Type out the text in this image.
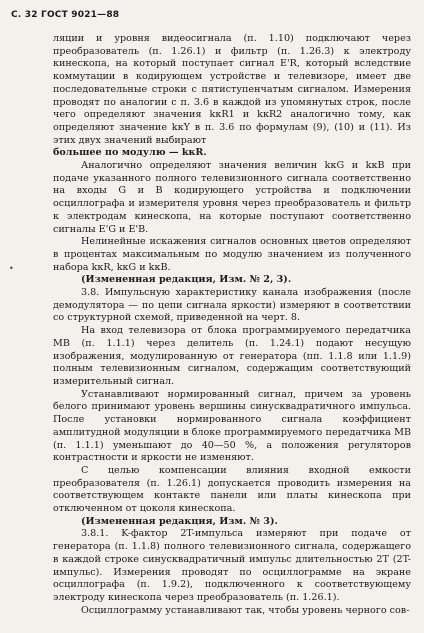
С. 32 ГОСТ 9021—88
•

ляции и уровня видеосигнала (п. 1.10) подключают через преобразователь (п. 1.26.1) и фильтр (п. 1.26.3) к электроду кинескопа, на который поступает сигнал E'R, который вследствие коммутации в кодирующем устройстве и телевизоре, имеет две последовательные строки с пятиступенчатым сигналом. Измерения проводят по аналогии с п. 3.6 в каждой из упомянутых строк, после чего определяют значения kкR1 и kкR2 аналогично тому, как определяют значение kкY в п. 3.6 по формулам (9), (10) и (11). Из этих двух значений выбирают

большее по модулю — kкR.

Аналогично определяют значения величин kкG и kкB при подаче указанного полного телевизионного сигнала соответственно на входы G и B кодирующего устройства и подключении осциллографа и измерителя уровня через преобразователь и фильтр к электродам кинескопа, на которые поступают соответственно сигналы E'G и E'B.

Нелинейные искажения сигналов основных цветов определяют в процентах максимальным по модулю значением из полученного набора kкR, kкG и kкB.

(Измененная редакция, Изм. № 2, 3).

3.8. Импульсную характеристику канала изображения (после демодулятора — по цепи сигнала яркости) измеряют в соответствии со структурной схемой, приведенной на черт. 8.

На вход телевизора от блока программируемого передатчика МВ (п. 1.1.1) через делитель (п. 1.24.1) подают несущую изображения, модулированную от генератора (пп. 1.1.8 или 1.1.9) полным телевизионным сигналом, содержащим соответствующий измерительный сигнал.

Устанавливают нормированный сигнал, причем за уровень белого принимают уровень вершины синусквадратичного импульса. После установки нормированного сигнала коэффициент амплитудной модуляции в блоке программируемого передатчика МВ (п. 1.1.1) уменьшают до 40—50 %, а положения регуляторов контрастности и яркости не изменяют.

С целью компенсации влияния входной емкости преобразователя (п. 1.26.1) допускается проводить измерения на соответствующем контакте панели или платы кинескопа при отключенном от цоколя кинескопа.

(Измененная редакция, Изм. № 3).

3.8.1. K-фактор 2T-импульса измеряют при подаче от генератора (п. 1.1.8) полного телевизионного сигнала, содержащего в каждой строке синусквадратичный импульс длительностью 2T (2T-импульс). Измерения проводят по осциллограмме на экране осциллографа (п. 1.9.2), подключенного к соответствующему электроду кинескопа через преобразователь (п. 1.26.1).

Осциллограмму устанавливают так, чтобы уровень черного сов-
